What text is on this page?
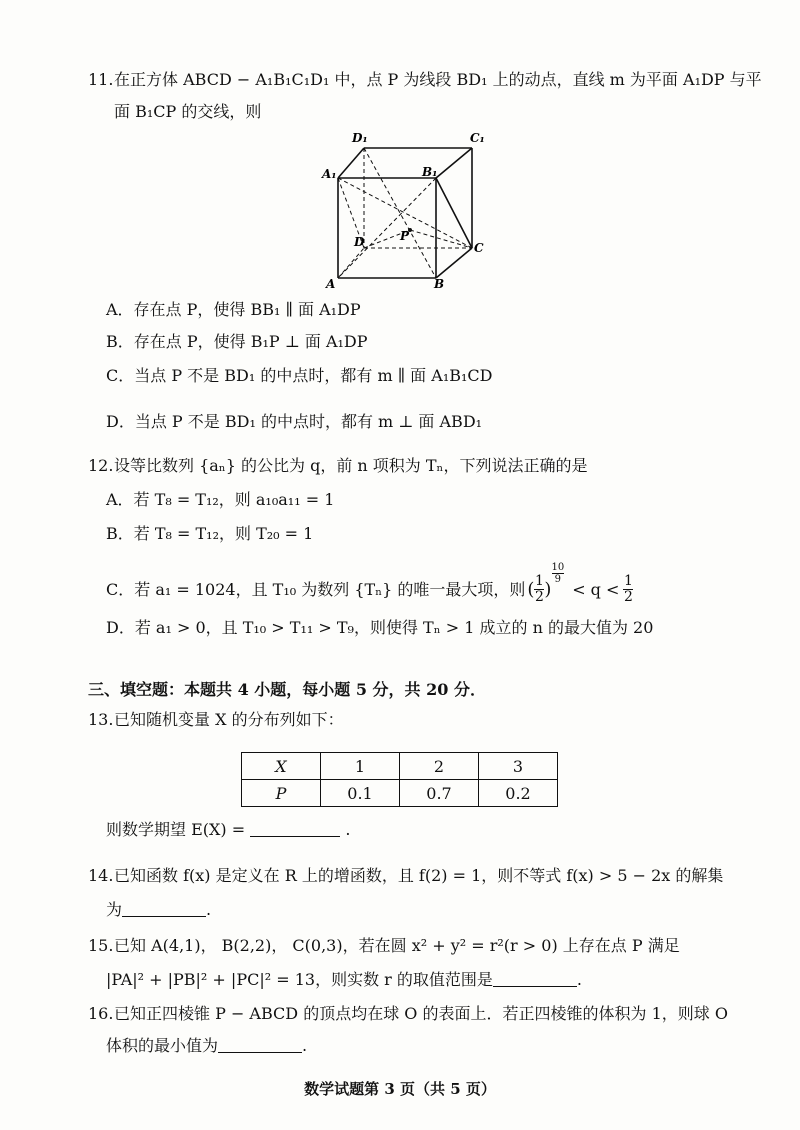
11.在正方体 ABCD − A₁B₁C₁D₁ 中，点 P 为线段 BD₁ 上的动点，直线 m 为平面 A₁DP 与平
面 B₁CP 的交线，则
D₁	C₁
A₁	B₁
P
D	C
A	B
A．存在点 P，使得 BB₁ ∥ 面 A₁DP
B．存在点 P，使得 B₁P ⊥ 面 A₁DP
C．当点 P 不是 BD₁ 的中点时，都有 m ∥ 面 A₁B₁CD
D．当点 P 不是 BD₁ 的中点时，都有 m ⊥ 面 ABD₁
12.设等比数列 {aₙ} 的公比为 q，前 n 项积为 Tₙ，下列说法正确的是
A．若 T₈ = T₁₂，则 a₁₀a₁₁ = 1
B．若 T₈ = T₁₂，则 T₂₀ = 1
C．若 a₁ = 1024，且 T₁₀ 为数列 {Tₙ} 的唯一最大项，则 ( 1
2 )
10
9 < q < 1
2
D．若 a₁ > 0，且 T₁₀ > T₁₁ > T₉，则使得 Tₙ > 1 成立的 n 的最大值为 20
三、填空题：本题共 4 小题，每小题 5 分，共 20 分．
13.已知随机变量 X 的分布列如下：
X	1	2	3
P	0.1	0.7	0.2
则数学期望 E(X) =	.
14.已知函数 f(x) 是定义在 R 上的增函数，且 f(2) = 1，则不等式 f(x) > 5 − 2x 的解集
为	.
15.已知 A(4,1)， B(2,2)， C(0,3)，若在圆 x² + y² = r²(r > 0) 上存在点 P 满足
|PA|² + |PB|² + |PC|² = 13，则实数 r 的取值范围是	.
16.已知正四棱锥 P − ABCD 的顶点均在球 O 的表面上．若正四棱锥的体积为 1，则球 O
体积的最小值为	.
数学试题第 3 页（共 5 页）
